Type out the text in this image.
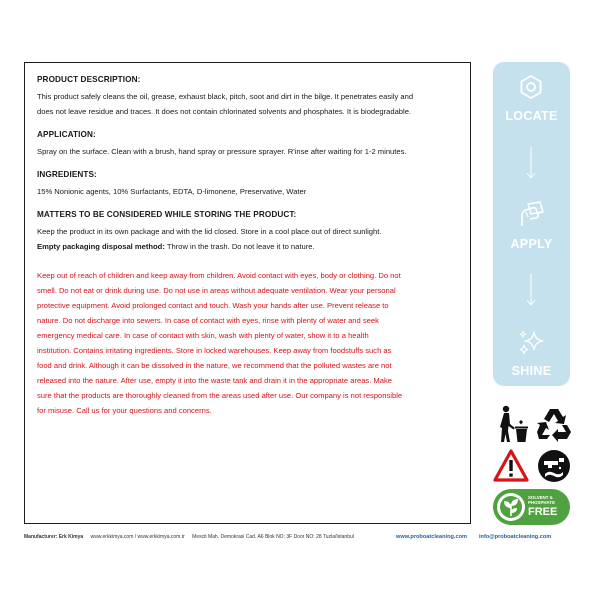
PRODUCT DESCRIPTION:

This product safely cleans the oil, grease, exhaust black, pitch, soot and dirt in the bilge. It penetrates easily and

does not leave residue and traces. It does not contain chlorinated solvents and phosphates. It is biodegradable.

APPLICATION:

Spray on the surface. Clean with a brush, hand spray or pressure sprayer. R'inse after waiting for 1-2 minutes.

INGREDIENTS:

15% Nonionic agents, 10% Surfactants, EDTA, D-limonene, Preservative, Water

MATTERS TO BE CONSIDERED WHILE STORING THE PRODUCT:

Keep the product in its own package and with the lid closed. Store in a cool place out of direct sunlight.

Empty packaging disposal method: Throw in the trash. Do not leave it to nature.

Keep out of reach of children and keep away from children. Avoid contact with eyes, body or clothing. Do not
smell. Do not eat or drink during use. Do not use in areas without adequate ventilation. Wear your personal
protective equipment. Avoid prolonged contact and touch. Wash your hands after use. Prevent release to
nature. Do not discharge into sewers. In case of contact with eyes, rinse with plenty of water and seek
emergency medical care. In case of contact with skin, wash with plenty of water, show it to a health
institution. Contains irritating ingredients. Store in locked warehouses. Keep away from foodstuffs such as
food and drink. Although it can be dissolved in the nature, we recommend that the polluted wastes are not
released into the nature. After use, empty it into the waste tank and drain it in the appropriate areas. Make
sure that the products are thoroughly cleaned from the areas used after use. Our company is not responsible
for misuse. Call us for your questions and concerns.
LOCATE
APPLY
SHINE
SOLVENT &
PHOSPHATE
FREE
Manufacturer: Erk Kimya www.erkkimya.com / www.erkkimya.com.tr Mescit Mah. Demokrasi Cad. A6 Blok NO: 3F Door NO: 28 Tuzla/Istanbul	www.proboatcleaning.com info@proboatcleaning.com
